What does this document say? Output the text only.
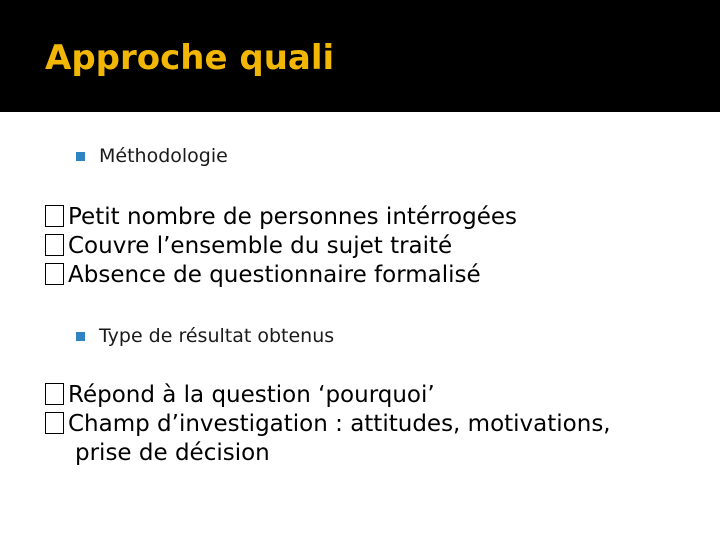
Approche quali
Méthodologie
Petit nombre de personnes intérrogées
Couvre l’ensemble du sujet traité
Absence de questionnaire formalisé
Type de résultat obtenus
Répond à la question ‘pourquoi’
Champ d’investigation : attitudes, motivations,
prise de décision
